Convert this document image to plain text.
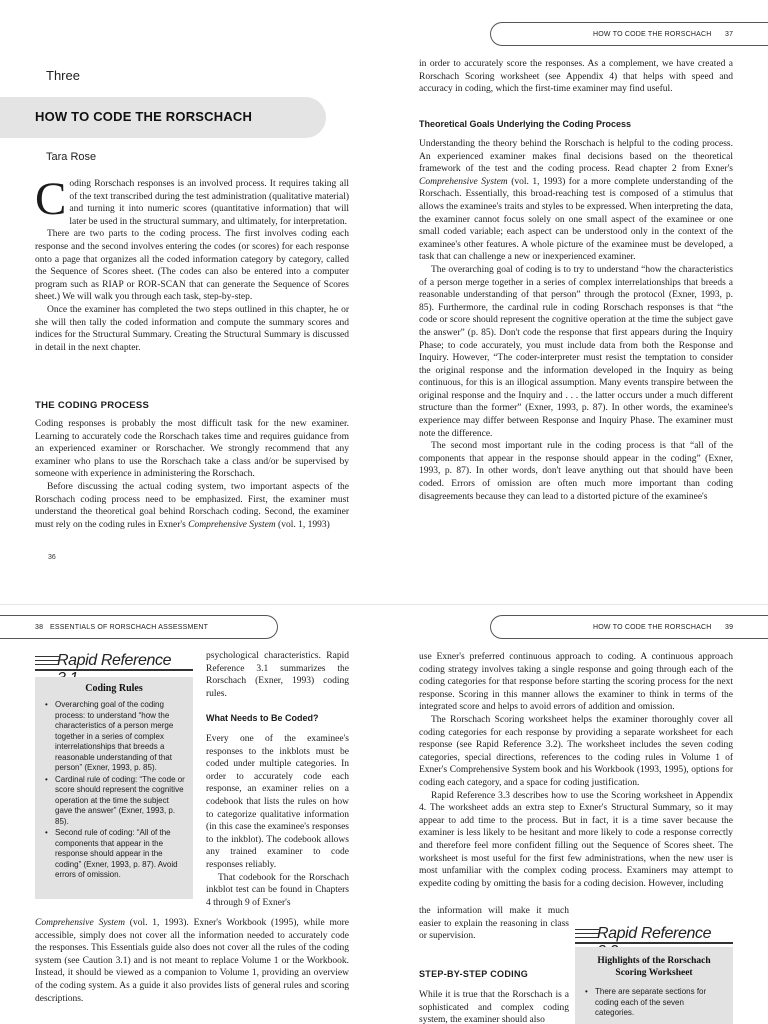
Three
HOW TO CODE THE RORSCHACH
Tara Rose

Coding Rorschach responses is an involved process. It requires taking all of the text transcribed during the test administration (qualitative material) and turning it into numeric scores (quantitative information) that will later be used in the structural summary, and ultimately, for interpretation.

There are two parts to the coding process. The first involves coding each response and the second involves entering the codes (or scores) for each response onto a page that organizes all the coded information category by category, called the Sequence of Scores sheet. (The codes can also be entered into a computer program such as RIAP or ROR-SCAN that can generate the Sequence of Scores sheet.) We will walk you through each task, step-by-step.

Once the examiner has completed the two steps outlined in this chapter, he or she will then tally the coded information and compute the summary scores and indices for the Structural Summary. Creating the Structural Summary is discussed in detail in the next chapter.

THE CODING PROCESS

Coding responses is probably the most difficult task for the new examiner. Learning to accurately code the Rorschach takes time and requires guidance from an experienced examiner or Rorschacher. We strongly recommend that any examiner who plans to use the Rorschach take a class and/or be supervised by someone with experience in administering the Rorschach.

Before discussing the actual coding system, two important aspects of the Rorschach coding process need to be emphasized. First, the examiner must understand the theoretical goal behind Rorschach coding. Second, the examiner must rely on the coding rules in Exner's Comprehensive System (vol. 1, 1993)

36
HOW TO CODE THE RORSCHACH 37

in order to accurately score the responses. As a complement, we have created a Rorschach Scoring worksheet (see Appendix 4) that helps with speed and accuracy in coding, which the first-time examiner may find useful.

Theoretical Goals Underlying the Coding Process

Understanding the theory behind the Rorschach is helpful to the coding process. An experienced examiner makes final decisions based on the theoretical framework of the test and the coding process. Read chapter 2 from Exner's Comprehensive System (vol. 1, 1993) for a more complete understanding of the Rorschach. Essentially, this broad-reaching test is composed of a stimulus that allows the examinee's traits and styles to be expressed. When interpreting the data, the examiner cannot focus solely on one small aspect of the examinee or one small coded variable; each aspect can be understood only in the context of the examinee's other features. A whole picture of the examinee must be developed, a task that can challenge a new or inexperienced examiner.

The overarching goal of coding is to try to understand “how the characteristics of a person merge together in a series of complex interrelationships that breeds a reasonable understanding of that person” through the protocol (Exner, 1993, p. 85). Furthermore, the cardinal rule in coding Rorschach responses is that “the code or score should represent the cognitive operation at the time the subject gave the answer” (p. 85). Don't code the response that first appears during the Inquiry Phase; to code accurately, you must include data from both the Response and Inquiry. However, “The coder-interpreter must resist the temptation to consider the original response and the information developed in the Inquiry as being continuous, for this is an illogical assumption. Many events transpire between the original response and the Inquiry and . . . the latter occurs under a much different structure than the former” (Exner, 1993, p. 87). In other words, the examinee's experience may differ between Response and Inquiry Phase. The examiner must note the difference.

The second most important rule in the coding process is that “all of the components that appear in the response should appear in the coding” (Exner, 1993, p. 87). In other words, don't leave anything out that should have been coded. Errors of omission are often much more important than coding disagreements because they can lead to a distorted picture of the examinee's

38 ESSENTIALS OF RORSCHACH ASSESSMENT
Rapid Reference
Coding Rules
• Overarching goal of the coding process: to understand “how the characteristics of a person merge together in a series of complex interrelationships that breeds a reasonable understanding of that person” (Exner, 1993, p. 85).
• Cardinal rule of coding: “The code or score should represent the cognitive operation at the time the subject gave the answer” (Exner, 1993, p. 85).
• Second rule of coding: “All of the components that appear in the response should appear in the coding” (Exner, 1993, p. 87). Avoid errors of omission.

psychological characteristics. Rapid Reference 3.1 summarizes the Rorschach (Exner, 1993) coding rules.

What Needs to Be Coded?

Every one of the examinee's responses to the inkblots must be coded under multiple categories. In order to accurately code each response, an examiner relies on a codebook that lists the rules on how to categorize qualitative information (in this case the examinee's responses to the inkblot). The codebook allows any trained examiner to code responses reliably.

That codebook for the Rorschach inkblot test can be found in Chapters 4 through 9 of Exner's

Comprehensive System (vol. 1, 1993). Exner's Workbook (1995), while more accessible, simply does not cover all the information needed to accurately code the responses. This Essentials guide also does not cover all the rules of the coding system (see Caution 3.1) and is not meant to replace Volume 1 or the Workbook. Instead, it should be viewed as a companion to Volume 1, providing an overview of the coding system. As a guide it also provides lists of general rules and scoring descriptions.

HOW TO CODE THE RORSCHACH 39

use Exner's preferred continuous approach to coding. A continuous approach coding strategy involves taking a single response and going through each of the coding categories for that response before starting the scoring process for the next response. Scoring in this manner allows the examiner to think in terms of the integrated score and helps to avoid errors of addition and omission.

The Rorschach Scoring worksheet helps the examiner thoroughly cover all coding categories for each response by providing a separate worksheet for each response (see Rapid Reference 3.2). The worksheet includes the seven coding categories, special directions, references to the coding rules in Volume 1 of Exner's Comprehensive System book and his Workbook (1993, 1995), options for coding each category, and a space for coding justification.

Rapid Reference 3.3 describes how to use the Scoring worksheet in Appendix 4. The worksheet adds an extra step to Exner's Structural Summary, so it may appear to add time to the process. But in fact, it is a time saver because the examiner is less likely to be hesitant and more likely to code a response correctly and therefore feel more confident filling out the Sequence of Scores sheet. The worksheet is most useful for the first few administrations, when the new user is most unfamiliar with the complex coding process. Examiners may attempt to expedite coding by omitting the basis for a coding decision. However, including

the information will make it much easier to explain the reasoning in class or supervision.

STEP-BY-STEP CODING

While it is true that the Rorschach is a sophisticated and complex coding system, the examiner should also

Rapid Reference
Highlights of the Rorschach Scoring Worksheet
• There are separate sections for coding each of the seven categories.
